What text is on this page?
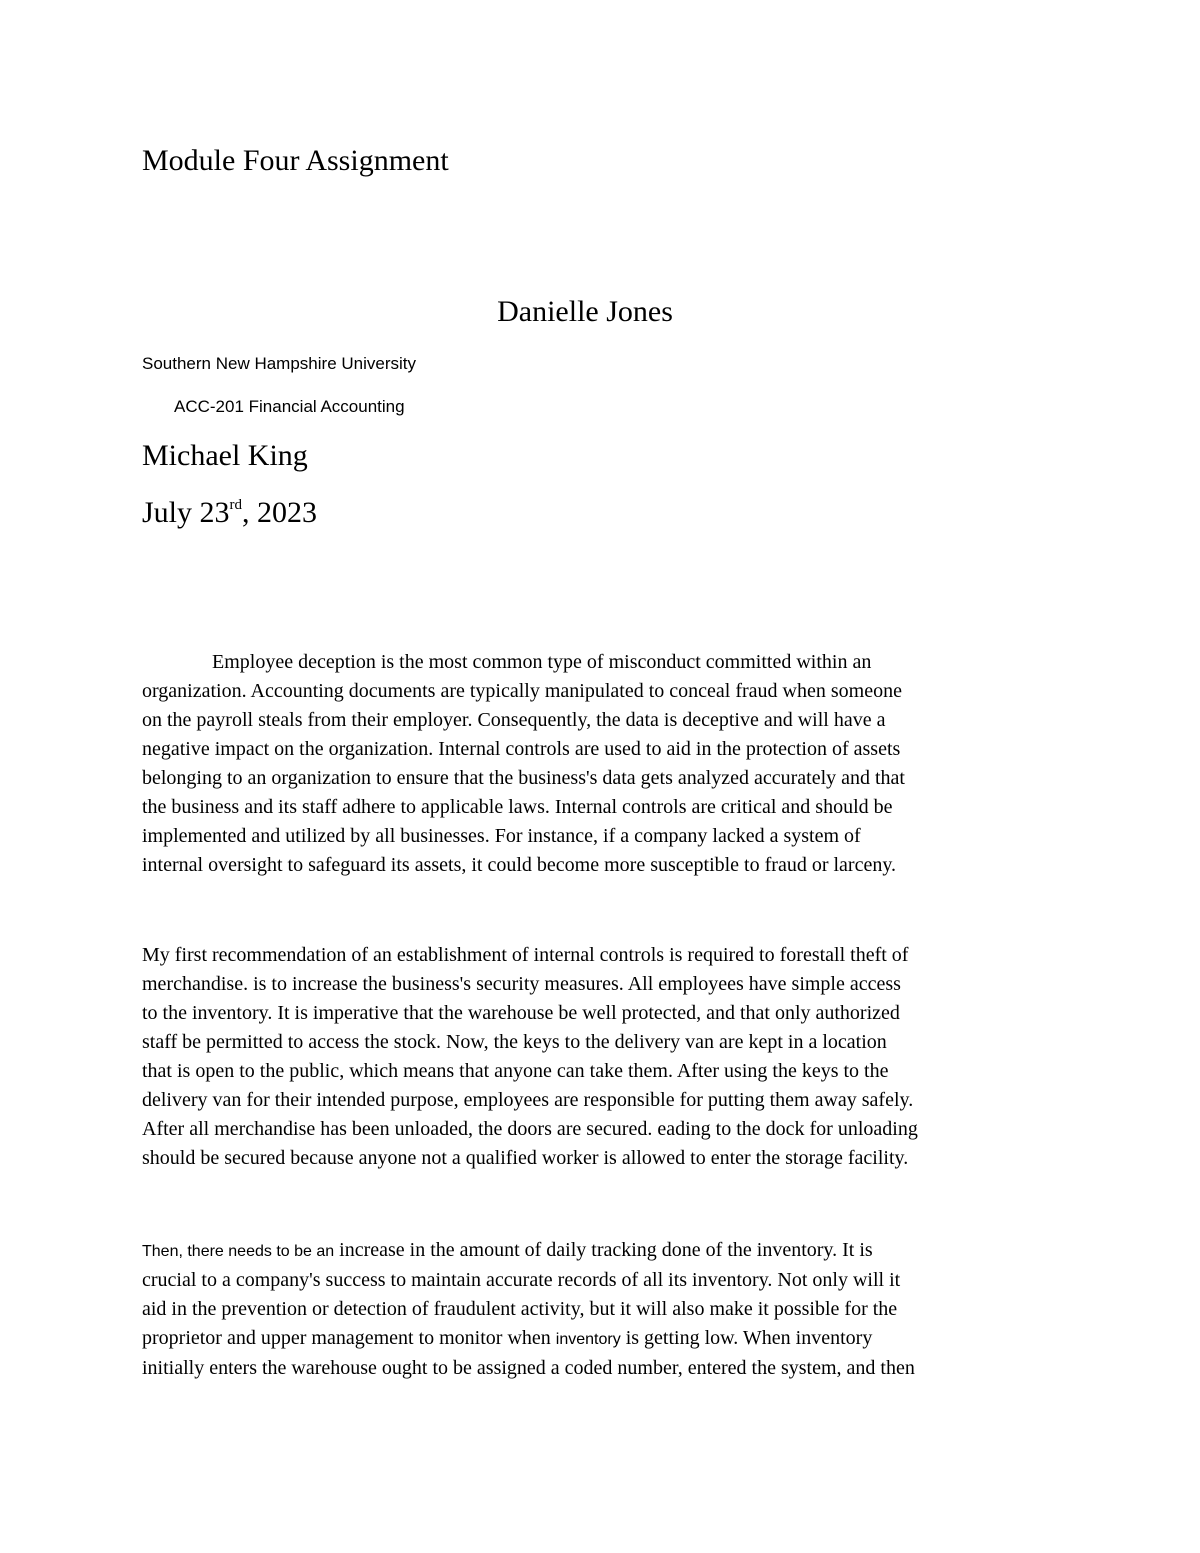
Module Four Assignment
Danielle Jones
Southern New Hampshire University
ACC-201 Financial Accounting
Michael King
July 23rd, 2023
Employee deception is the most common type of misconduct committed within an
organization. Accounting documents are typically manipulated to conceal fraud when someone
on the payroll steals from their employer. Consequently, the data is deceptive and will have a
negative impact on the organization. Internal controls are used to aid in the protection of assets
belonging to an organization to ensure that the business's data gets analyzed accurately and that
the business and its staff adhere to applicable laws. Internal controls are critical and should be
implemented and utilized by all businesses. For instance, if a company lacked a system of
internal oversight to safeguard its assets, it could become more susceptible to fraud or larceny.
My first recommendation of an establishment of internal controls is required to forestall theft of
merchandise. is to increase the business's security measures. All employees have simple access
to the inventory. It is imperative that the warehouse be well protected, and that only authorized
staff be permitted to access the stock. Now, the keys to the delivery van are kept in a location
that is open to the public, which means that anyone can take them. After using the keys to the
delivery van for their intended purpose, employees are responsible for putting them away safely.
After all merchandise has been unloaded, the doors are secured. eading to the dock for unloading
should be secured because anyone not a qualified worker is allowed to enter the storage facility.
Then, there needs to be an increase in the amount of daily tracking done of the inventory. It is
crucial to a company's success to maintain accurate records of all its inventory. Not only will it
aid in the prevention or detection of fraudulent activity, but it will also make it possible for the
proprietor and upper management to monitor when inventory is getting low. When inventory
initially enters the warehouse ought to be assigned a coded number, entered the system, and then
